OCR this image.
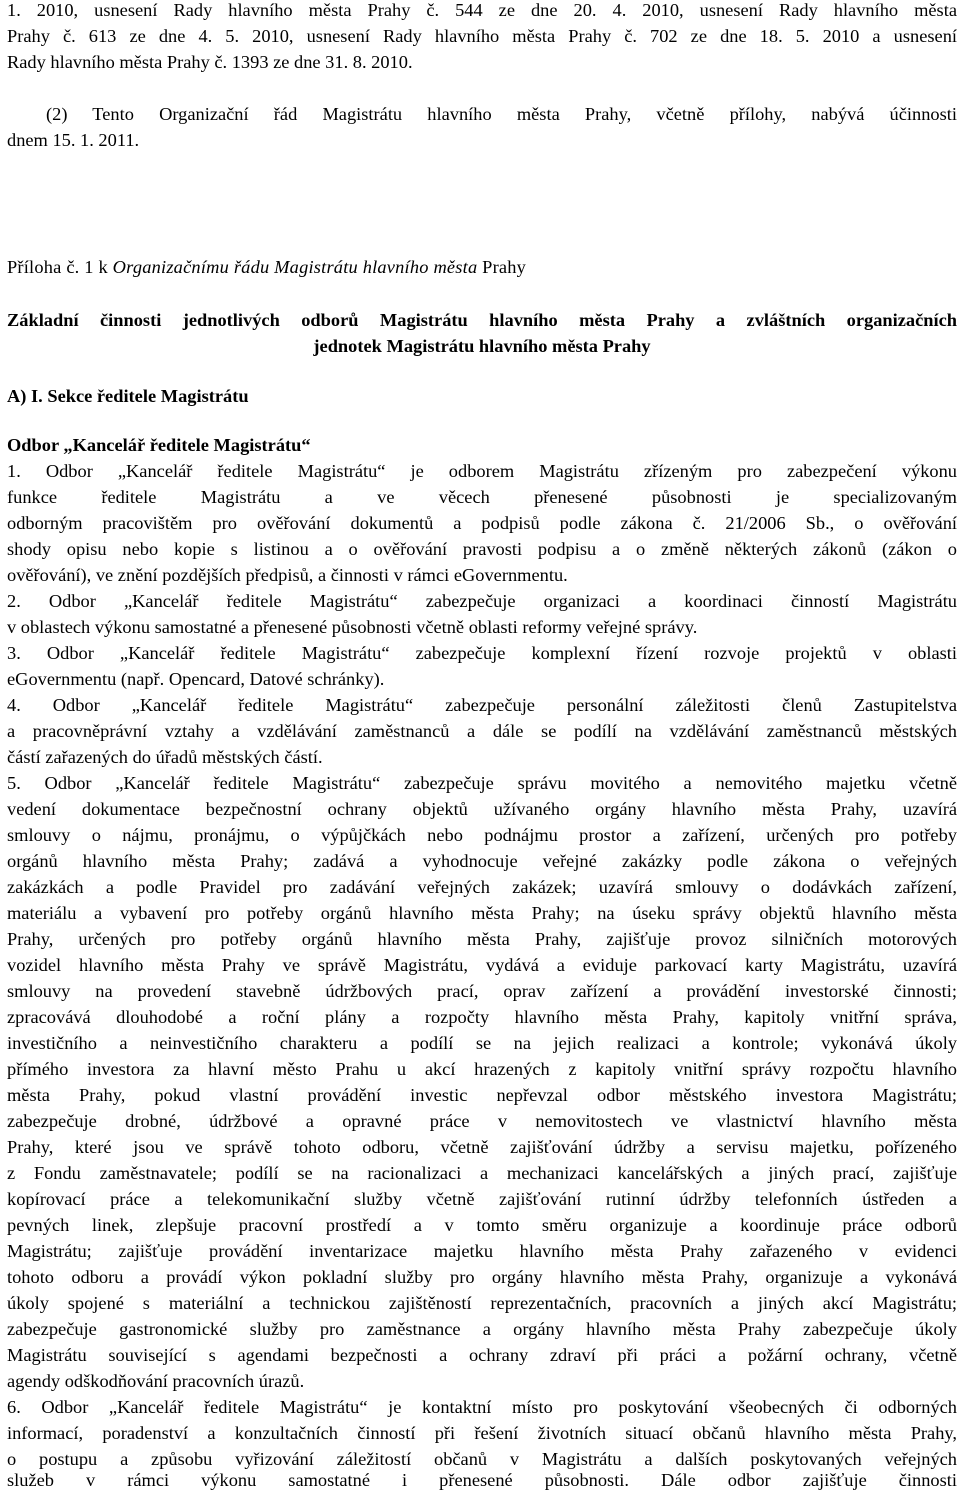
1. 2010, usnesení Rady hlavního města Prahy č. 544 ze dne 20. 4. 2010, usnesení Rady hlavního města

Prahy č. 613 ze dne 4. 5. 2010, usnesení Rady hlavního města Prahy č. 702 ze dne 18. 5. 2010 a usnesení

Rady hlavního města Prahy č. 1393 ze dne 31. 8. 2010.

(2) Tento Organizační řád Magistrátu hlavního města Prahy, včetně přílohy, nabývá účinnosti

dnem 15. 1. 2011.

Příloha č. 1 k Organizačnímu řádu Magistrátu hlavního města Prahy

Základní činnosti jednotlivých odborů Magistrátu hlavního města Prahy a zvláštních organizačních

jednotek Magistrátu hlavního města Prahy

A) I. Sekce ředitele Magistrátu

Odbor „Kancelář ředitele Magistrátu“

1. Odbor „Kancelář ředitele Magistrátu“ je odborem Magistrátu zřízeným pro zabezpečení výkonu

funkce ředitele Magistrátu a ve věcech přenesené působnosti je specializovaným

odborným pracovištěm pro ověřování dokumentů a podpisů podle zákona č. 21/2006 Sb., o ověřování

shody opisu nebo kopie s listinou a o ověřování pravosti podpisu a o změně některých zákonů (zákon o

ověřování), ve znění pozdějších předpisů, a činnosti v rámci eGovernmentu.

2. Odbor „Kancelář ředitele Magistrátu“ zabezpečuje organizaci a koordinaci činností Magistrátu

v oblastech výkonu samostatné a přenesené působnosti včetně oblasti reformy veřejné správy.

3. Odbor „Kancelář ředitele Magistrátu“ zabezpečuje komplexní řízení rozvoje projektů v oblasti

eGovernmentu (např. Opencard, Datové schránky).

4. Odbor „Kancelář ředitele Magistrátu“ zabezpečuje personální záležitosti členů Zastupitelstva

a pracovněprávní vztahy a vzdělávání zaměstnanců a dále se podílí na vzdělávání zaměstnanců městských

částí zařazených do úřadů městských částí.

5. Odbor „Kancelář ředitele Magistrátu“ zabezpečuje správu movitého a nemovitého majetku včetně

vedení dokumentace bezpečnostní ochrany objektů užívaného orgány hlavního města Prahy, uzavírá

smlouvy o nájmu, pronájmu, o výpůjčkách nebo podnájmu prostor a zařízení, určených pro potřeby

orgánů hlavního města Prahy; zadává a vyhodnocuje veřejné zakázky podle zákona o veřejných

zakázkách a podle Pravidel pro zadávání veřejných zakázek; uzavírá smlouvy o dodávkách zařízení,

materiálu a vybavení pro potřeby orgánů hlavního města Prahy; na úseku správy objektů hlavního města

Prahy, určených pro potřeby orgánů hlavního města Prahy, zajišťuje provoz silničních motorových

vozidel hlavního města Prahy ve správě Magistrátu, vydává a eviduje parkovací karty Magistrátu, uzavírá

smlouvy na provedení stavebně údržbových prací, oprav zařízení a provádění investorské činnosti;

zpracovává dlouhodobé a roční plány a rozpočty hlavního města Prahy, kapitoly vnitřní správa,

investičního a neinvestičního charakteru a podílí se na jejich realizaci a kontrole; vykonává úkoly

přímého investora za hlavní město Prahu u akcí hrazených z kapitoly vnitřní správy rozpočtu hlavního

města Prahy, pokud vlastní provádění investic nepřevzal odbor městského investora Magistrátu;

zabezpečuje drobné, údržbové a opravné práce v nemovitostech ve vlastnictví hlavního města

Prahy, které jsou ve správě tohoto odboru, včetně zajišťování údržby a servisu majetku, pořízeného

z Fondu zaměstnavatele; podílí se na racionalizaci a mechanizaci kancelářských a jiných prací, zajišťuje

kopírovací práce a telekomunikační služby včetně zajišťování rutinní údržby telefonních ústředen a

pevných linek, zlepšuje pracovní prostředí a v tomto směru organizuje a koordinuje práce odborů

Magistrátu; zajišťuje provádění inventarizace majetku hlavního města Prahy zařazeného v evidenci

tohoto odboru a provádí výkon pokladní služby pro orgány hlavního města Prahy, organizuje a vykonává

úkoly spojené s materiální a technickou zajištěností reprezentačních, pracovních a jiných akcí Magistrátu;

zabezpečuje gastronomické služby pro zaměstnance a orgány hlavního města Prahy zabezpečuje úkoly

Magistrátu související s agendami bezpečnosti a ochrany zdraví při práci a požární ochrany, včetně

agendy odškodňování pracovních úrazů.

6. Odbor „Kancelář ředitele Magistrátu“ je kontaktní místo pro poskytování všeobecných či odborných

informací, poradenství a konzultačních činností při řešení životních situací občanů hlavního města Prahy,

o postupu a způsobu vyřizování záležitostí občanů v Magistrátu a dalších poskytovaných veřejných

služeb v rámci výkonu samostatné i přenesené působnosti. Dále odbor zajišťuje činnosti
